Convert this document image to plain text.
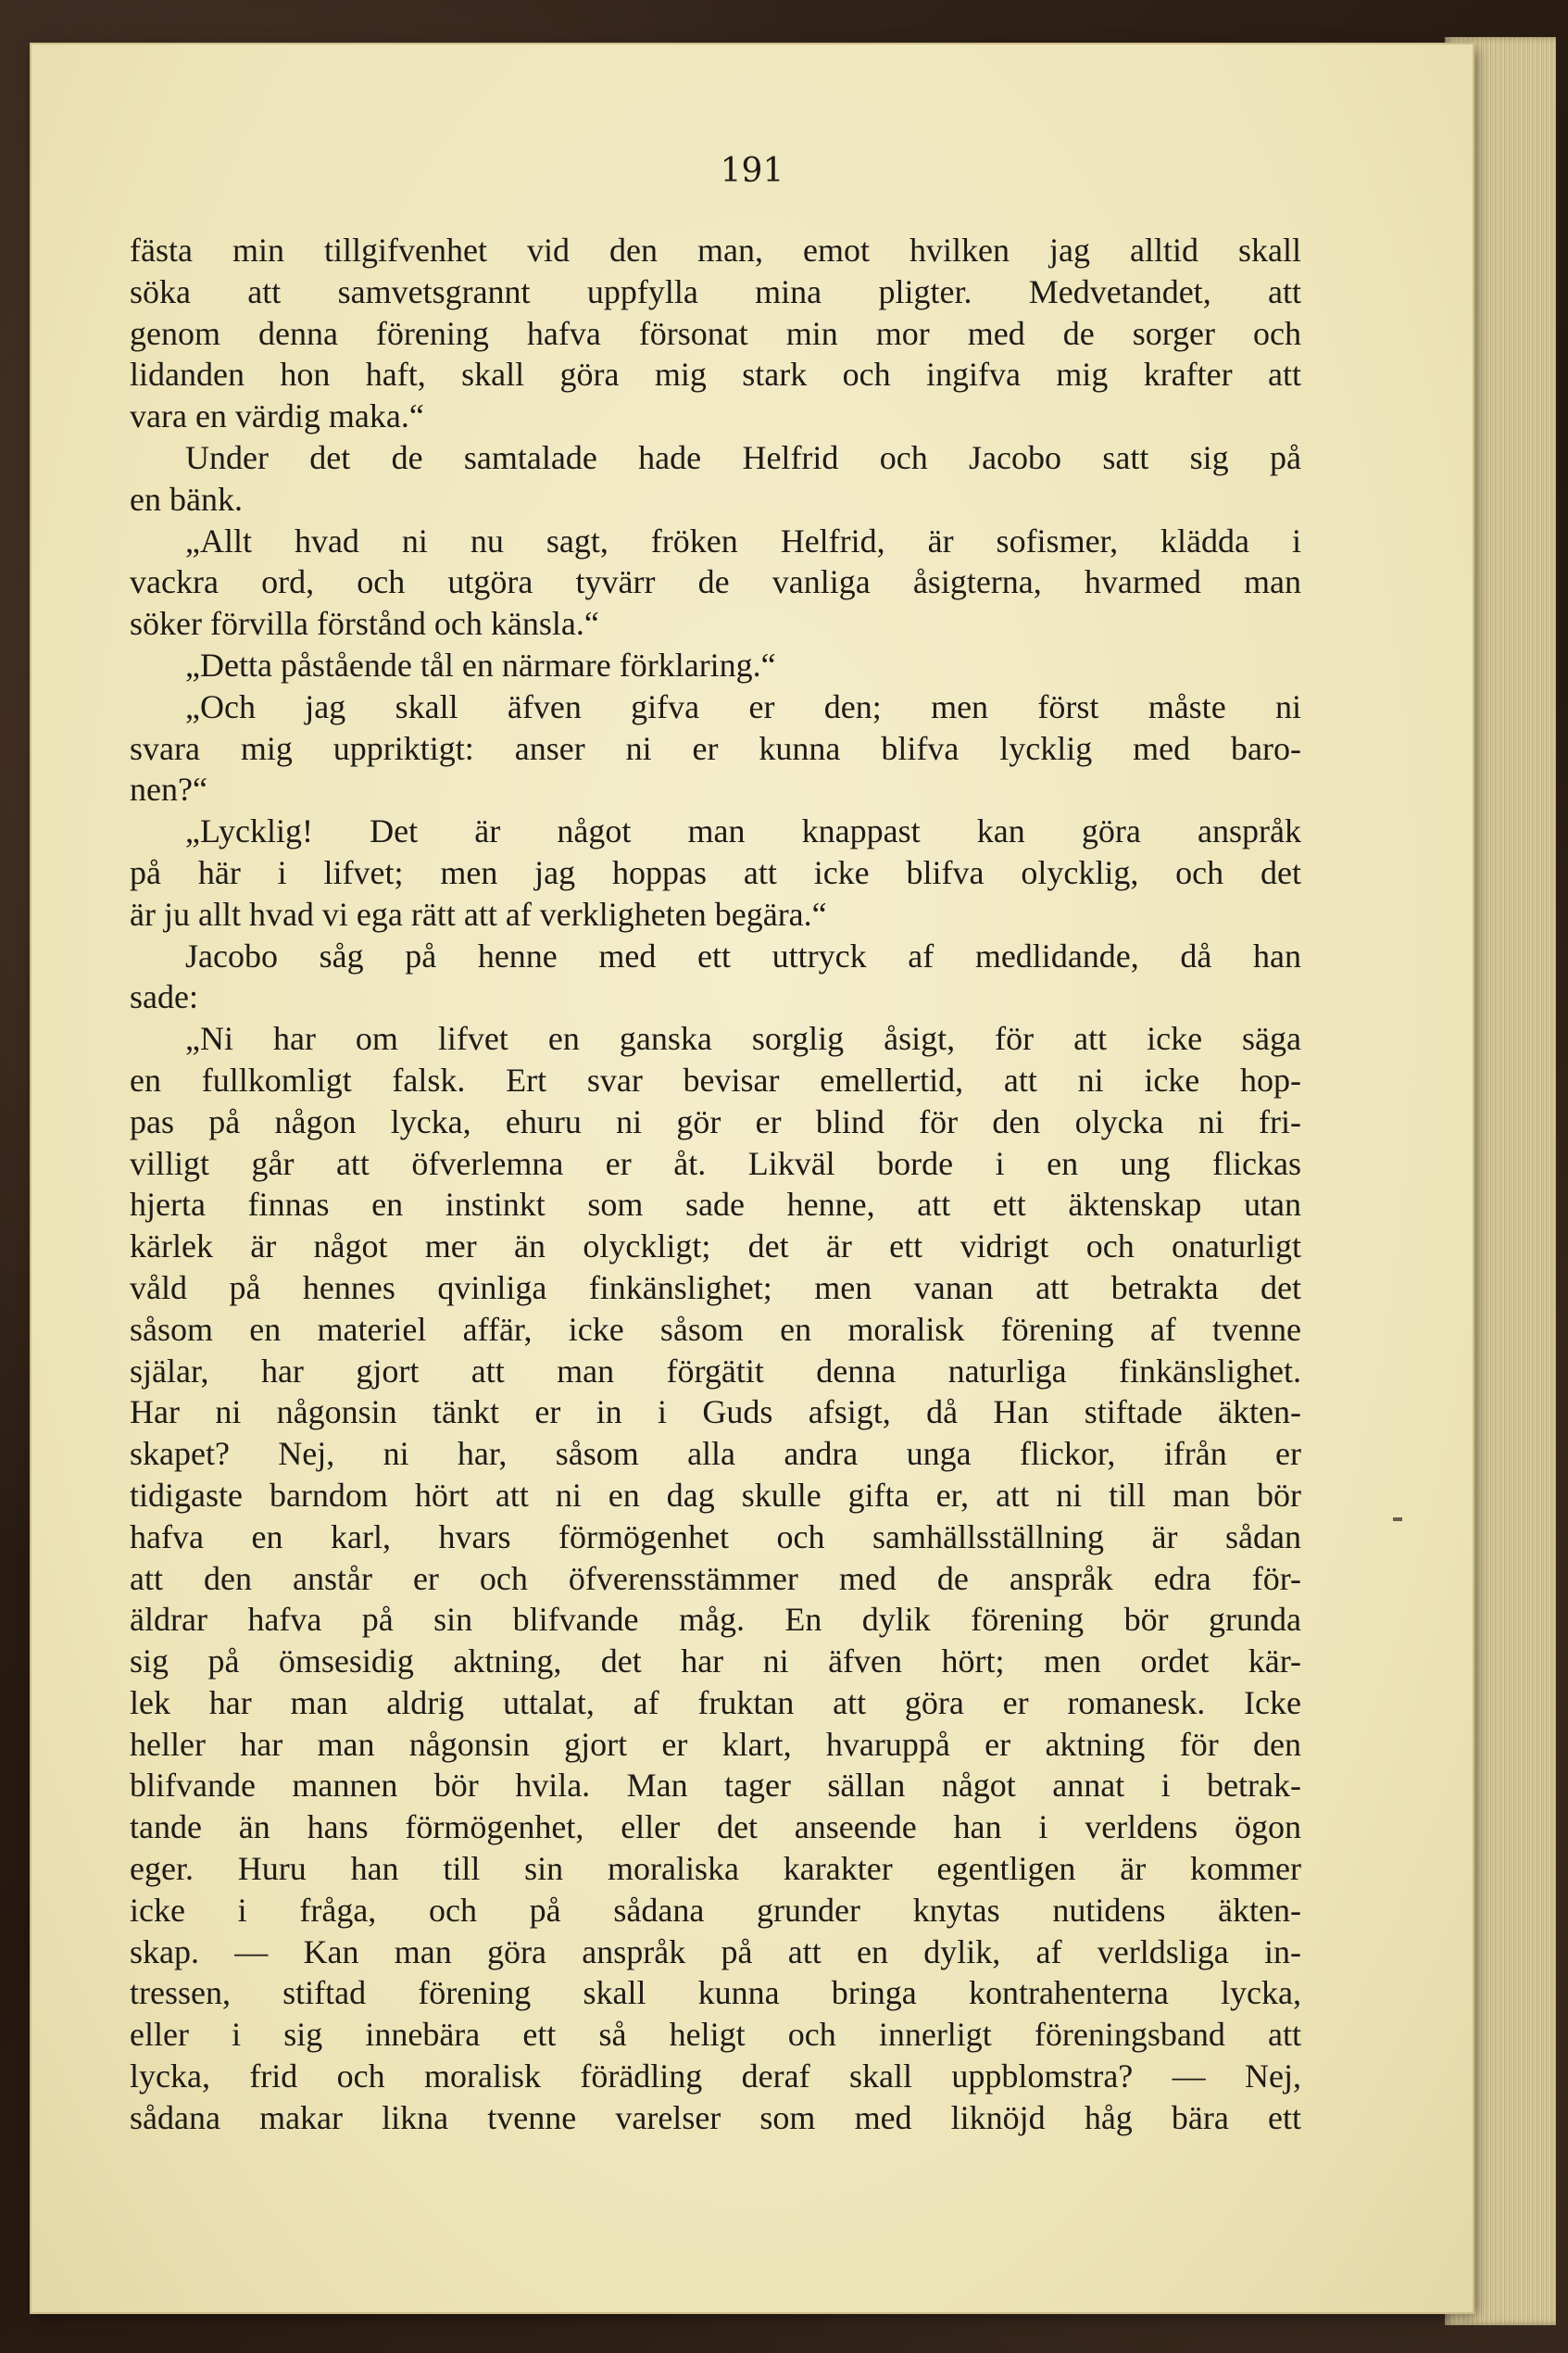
191

fästa min tillgifvenhet vid den man, emot hvilken jag alltid skall
söka att samvetsgrannt uppfylla mina pligter. Medvetandet, att
genom denna förening hafva försonat min mor med de sorger och
lidanden hon haft, skall göra mig stark och ingifva mig krafter att
vara en värdig maka.“
Under det de samtalade hade Helfrid och Jacobo satt sig på
en bänk.
„Allt hvad ni nu sagt, fröken Helfrid, är sofismer, klädda i
vackra ord, och utgöra tyvärr de vanliga åsigterna, hvarmed man
söker förvilla förstånd och känsla.“
„Detta påstående tål en närmare förklaring.“
„Och jag skall äfven gifva er den; men först måste ni
svara mig uppriktigt: anser ni er kunna blifva lycklig med baro-
nen?“
„Lycklig! Det är något man knappast kan göra anspråk
på här i lifvet; men jag hoppas att icke blifva olycklig, och det
är ju allt hvad vi ega rätt att af verkligheten begära.“
Jacobo såg på henne med ett uttryck af medlidande, då han
sade:
„Ni har om lifvet en ganska sorglig åsigt, för att icke säga
en fullkomligt falsk. Ert svar bevisar emellertid, att ni icke hop-
pas på någon lycka, ehuru ni gör er blind för den olycka ni fri-
villigt går att öfverlemna er åt. Likväl borde i en ung flickas
hjerta finnas en instinkt som sade henne, att ett äktenskap utan
kärlek är något mer än olyckligt; det är ett vidrigt och onaturligt
våld på hennes qvinliga finkänslighet; men vanan att betrakta det
såsom en materiel affär, icke såsom en moralisk förening af tvenne
själar, har gjort att man förgätit denna naturliga finkänslighet.
Har ni någonsin tänkt er in i Guds afsigt, då Han stiftade äkten-
skapet? Nej, ni har, såsom alla andra unga flickor, ifrån er
tidigaste barndom hört att ni en dag skulle gifta er, att ni till man bör
hafva en karl, hvars förmögenhet och samhällsställning är sådan
att den anstår er och öfverensstämmer med de anspråk edra för-
äldrar hafva på sin blifvande måg. En dylik förening bör grunda
sig på ömsesidig aktning, det har ni äfven hört; men ordet kär-
lek har man aldrig uttalat, af fruktan att göra er romanesk. Icke
heller har man någonsin gjort er klart, hvaruppå er aktning för den
blifvande mannen bör hvila. Man tager sällan något annat i betrak-
tande än hans förmögenhet, eller det anseende han i verldens ögon
eger. Huru han till sin moraliska karakter egentligen är kommer
icke i fråga, och på sådana grunder knytas nutidens äkten-
skap. — Kan man göra anspråk på att en dylik, af verldsliga in-
tressen, stiftad förening skall kunna bringa kontrahenterna lycka,
eller i sig innebära ett så heligt och innerligt föreningsband att
lycka, frid och moralisk förädling deraf skall uppblomstra? — Nej,
sådana makar likna tvenne varelser som med liknöjd håg bära ett
